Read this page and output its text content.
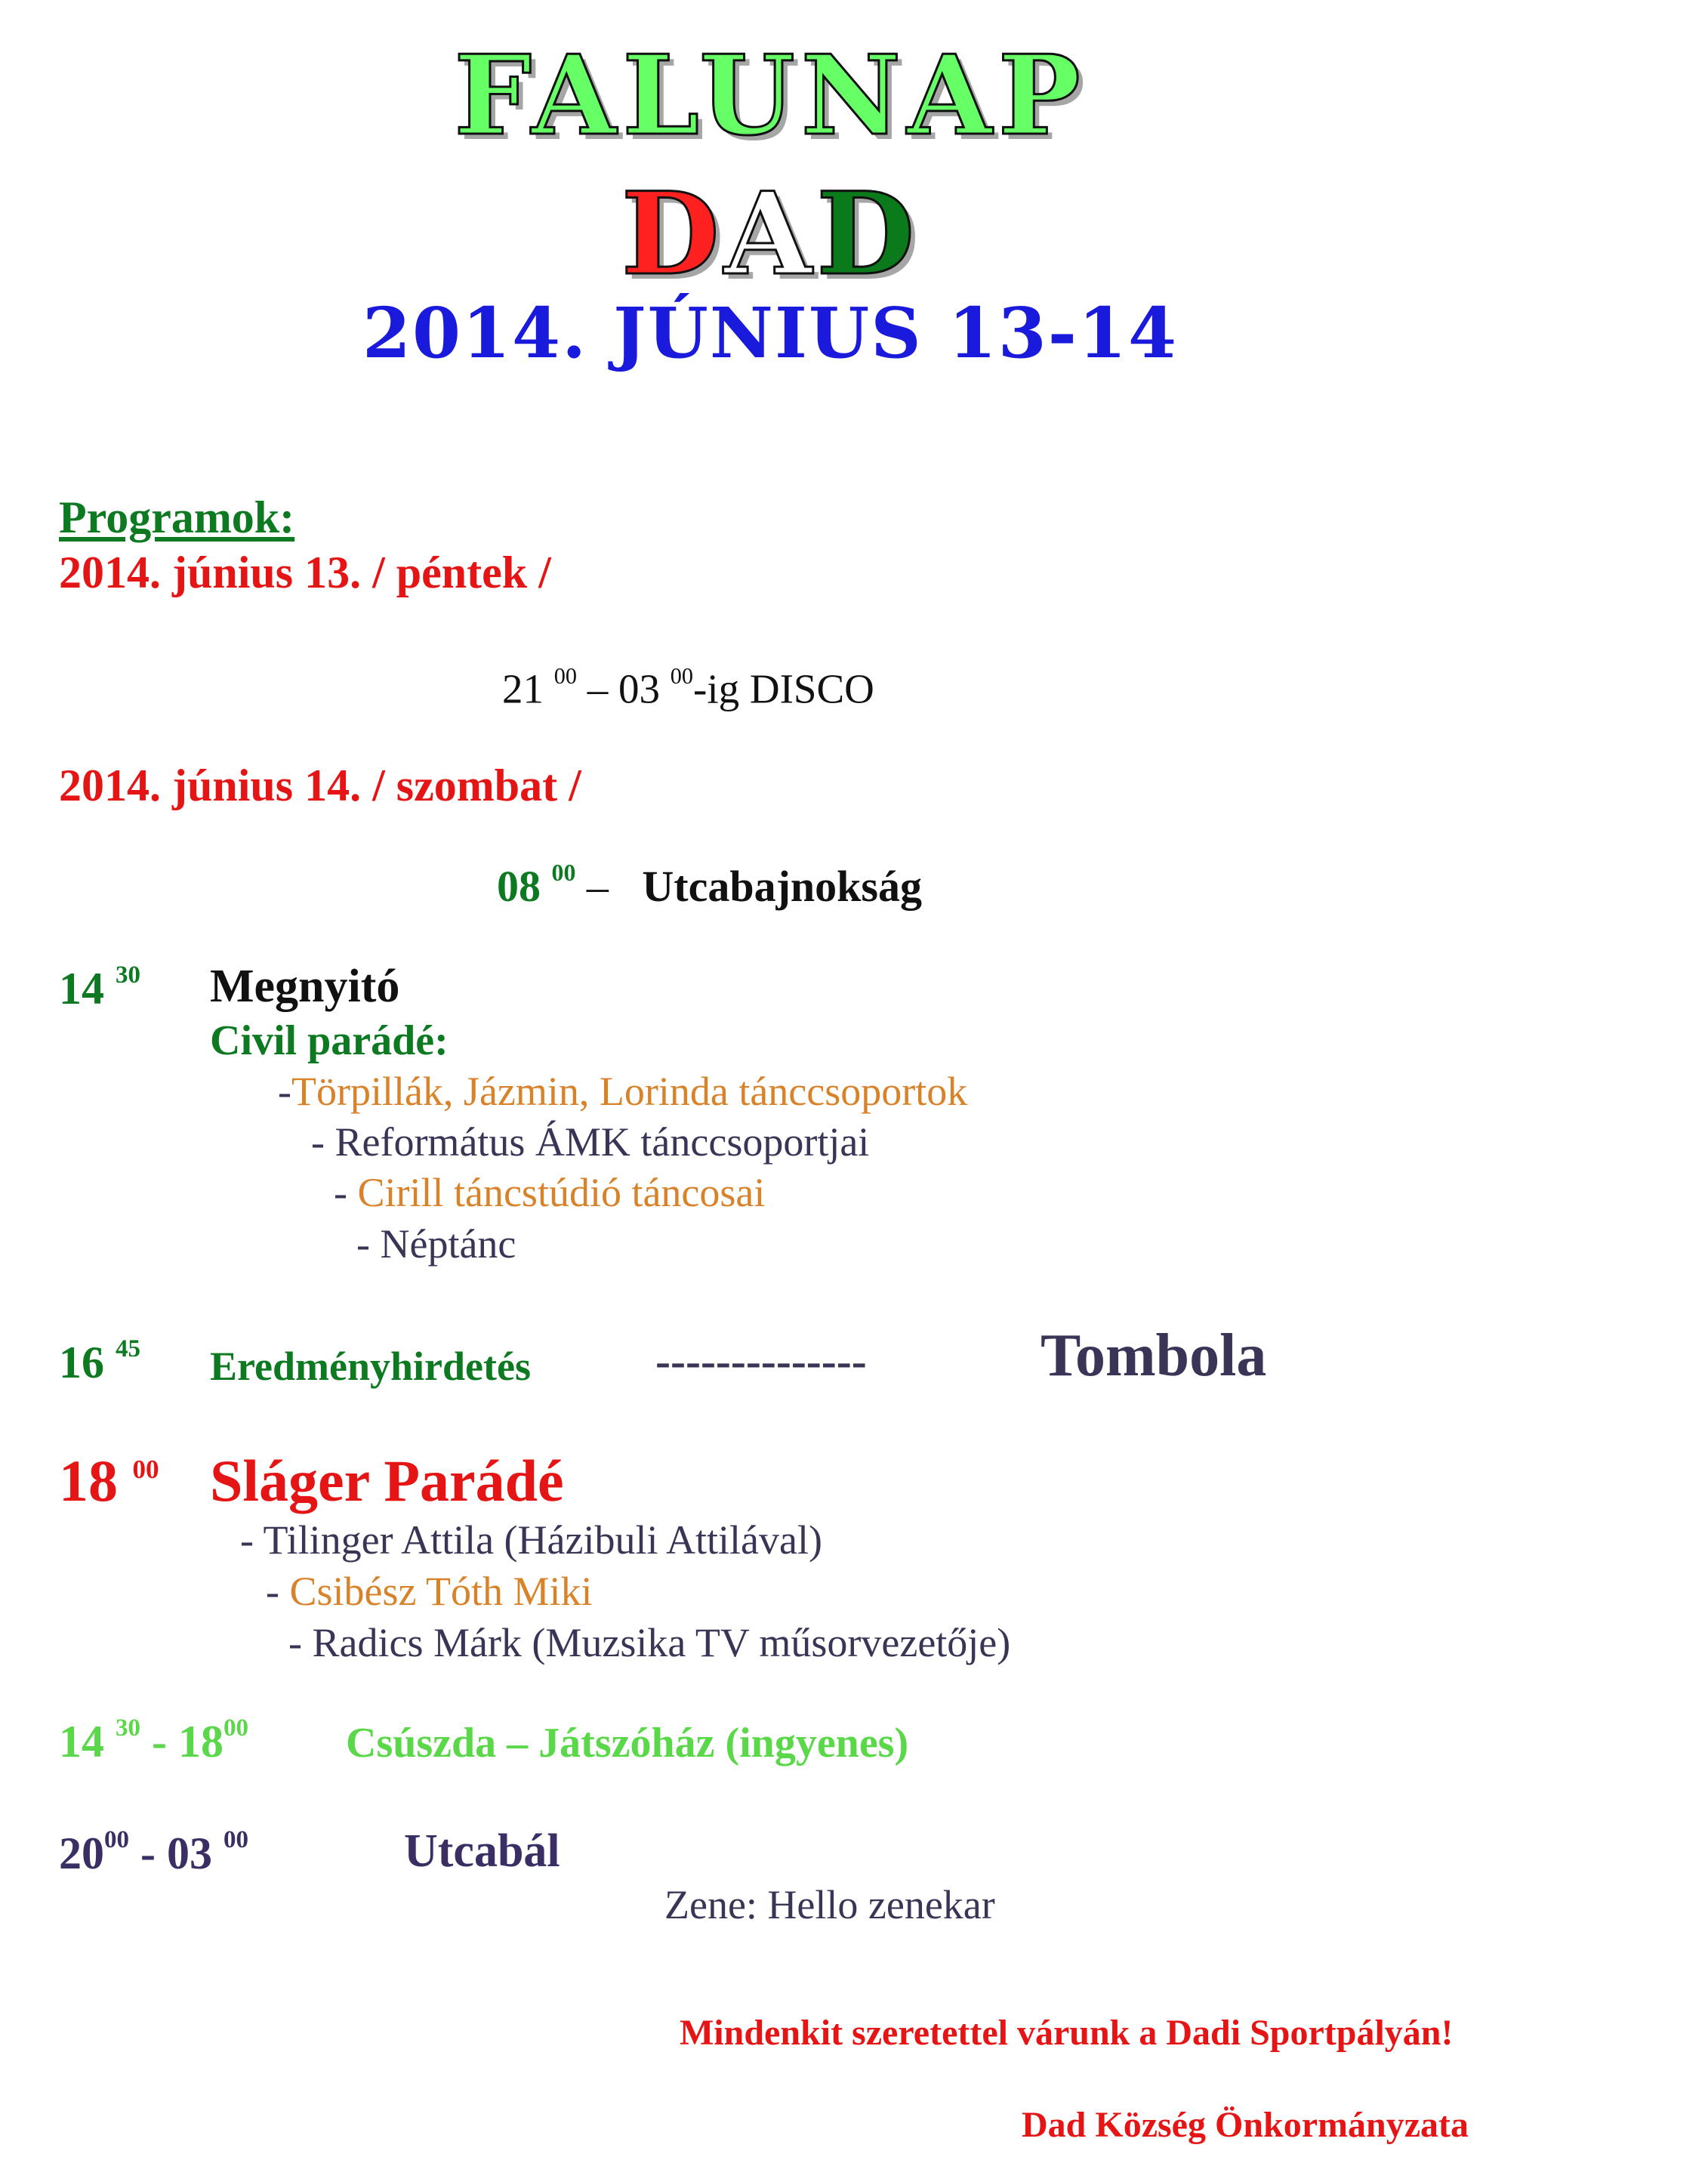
FALUNAP
DAD
2014. JÚNIUS 13-14
Programok:
2014. június 13. / péntek /
21 $^{00}$ – 03 $^{00}$-ig DISCO
2014. június 14. / szombat /
08 $^{00}$ – Utcabajnokság
14 $^{30}$ Megnyitó
Civil parádé:
-Törpillák, Jázmin, Lorinda tánccsoportok
- Református ÁMK tánccsoportjai
- Cirill táncstúdió táncosai
- Néptánc
16 $^{45}$ Eredményhirdetés	--------------	Tombola
18 $^{00}$ Sláger Parádé
- Tilinger Attila (Házibuli Attilával)
- Csibész Tóth Miki
- Radics Márk (Muzsika TV műsorvezetője)
14 $^{30} - 18^{00}$ Csúszda – Játszóház (ingyenes)
$20^{00} - 03$ $^{00}$	Utcabál
Zene: Hello zenekar
Mindenkit szeretettel várunk a Dadi Sportpályán!
Dad Község Önkormányzata
